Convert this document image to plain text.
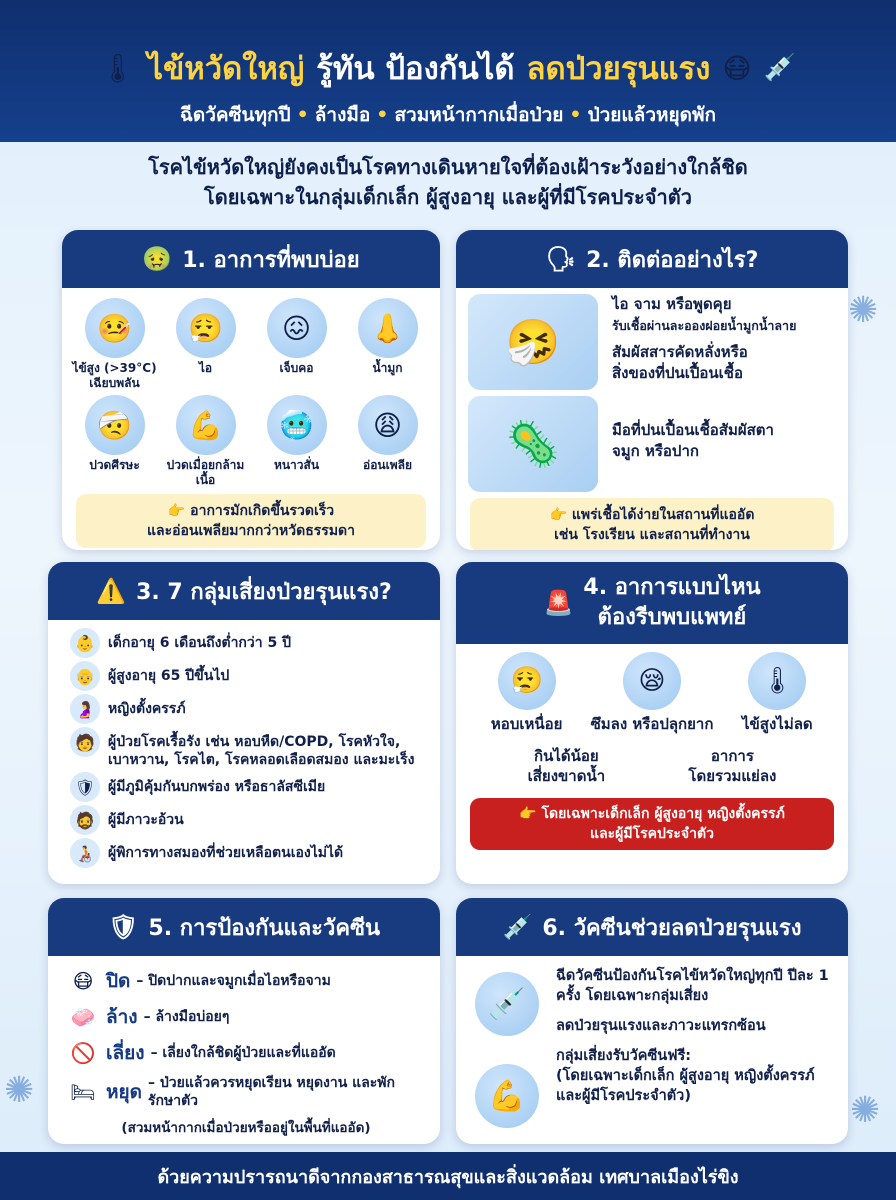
✺
✺	✺
🌡 ไข้หวัดใหญ่ รู้ทัน ป้องกันได้ ลดป่วยรุนแรง 😷 💉
ฉีดวัคซีนทุกปี • ล้างมือ • สวมหน้ากากเมื่อป่วย • ป่วยแล้วหยุดพัก
โรคไข้หวัดใหญ่ยังคงเป็นโรคทางเดินหายใจที่ต้องเฝ้าระวังอย่างใกล้ชิด
โดยเฉพาะในกลุ่มเด็กเล็ก ผู้สูงอายุ และผู้ที่มีโรคประจำตัว
🤢 1. อาการที่พบบ่อย
🤒
ไข้สูง (>39°C) เฉียบพลัน
😮‍💨
ไอ
😖
เจ็บคอ
👃
น้ำมูก
🤕
ปวดศีรษะ
💪
ปวดเมื่อยกล้ามเนื้อ
🥶
หนาวสั่น
😩
อ่อนเพลีย
👉 อาการมักเกิดขึ้นรวดเร็ว
และอ่อนเพลียมากกว่าหวัดธรรมดา
🗣 2. ติดต่ออย่างไร?
🤧

ไอ จาม หรือพูดคุย
รับเชื้อผ่านละอองฝอยน้ำมูกน้ำลาย

สัมผัสสารคัดหลั่งหรือ
สิ่งของที่ปนเปื้อนเชื้อ

🦠	มือที่ปนเปื้อนเชื้อสัมผัสตา
จมูก หรือปาก

👉 แพร่เชื้อได้ง่ายในสถานที่แออัด
เช่น โรงเรียน และสถานที่ทำงาน
⚠️ 3. 7 กลุ่มเสี่ยงป่วยรุนแรง?
👶 เด็กอายุ 6 เดือนถึงต่ำกว่า 5 ปี
👴 ผู้สูงอายุ 65 ปีขึ้นไป
🤰 หญิงตั้งครรภ์
🧑 ผู้ป่วยโรคเรื้อรัง เช่น หอบหืด/COPD, โรคหัวใจ, เบาหวาน, โรคไต, โรคหลอดเลือดสมอง และมะเร็ง
🛡 ผู้มีภูมิคุ้มกันบกพร่อง หรือธาลัสซีเมีย
🧔 ผู้มีภาวะอ้วน
🧑‍🦽 ผู้พิการทางสมองที่ช่วยเหลือตนเองไม่ได้
🚨
4. อาการแบบไหน
ต้องรีบพบแพทย์
😮‍💨
หอบเหนื่อย
😪
ซึมลง หรือปลุกยาก
🌡
ไข้สูงไม่ลด
กินได้น้อย
เสี่ยงขาดน้ำ
อาการ
โดยรวมแย่ลง
👉 โดยเฉพาะเด็กเล็ก ผู้สูงอายุ หญิงตั้งครรภ์
และผู้มีโรคประจำตัว
🛡 5. การป้องกันและวัคซีน
😷 ปิด – ปิดปากและจมูกเมื่อไอหรือจาม
🧼 ล้าง – ล้างมือบ่อยๆ
🚫 เลี่ยง – เลี่ยงใกล้ชิดผู้ป่วยและที่แออัด
🛏 หยุด – ป่วยแล้วควรหยุดเรียน หยุดงาน และพักรักษาตัว
(สวมหน้ากากเมื่อป่วยหรืออยู่ในพื้นที่แออัด)
💉 6. วัคซีนช่วยลดป่วยรุนแรง
💉
💪

ฉีดวัคซีนป้องกันโรคไข้หวัดใหญ่ทุกปี ปีละ 1 ครั้ง โดยเฉพาะกลุ่มเสี่ยง

ลดป่วยรุนแรงและภาวะแทรกซ้อน

กลุ่มเสี่ยงรับวัคซีนฟรี:
(โดยเฉพาะเด็กเล็ก ผู้สูงอายุ หญิงตั้งครรภ์ และผู้มีโรคประจำตัว)

ด้วยความปรารถนาดีจากกองสาธารณสุขและสิ่งแวดล้อม เทศบาลเมืองไร่ขิง
